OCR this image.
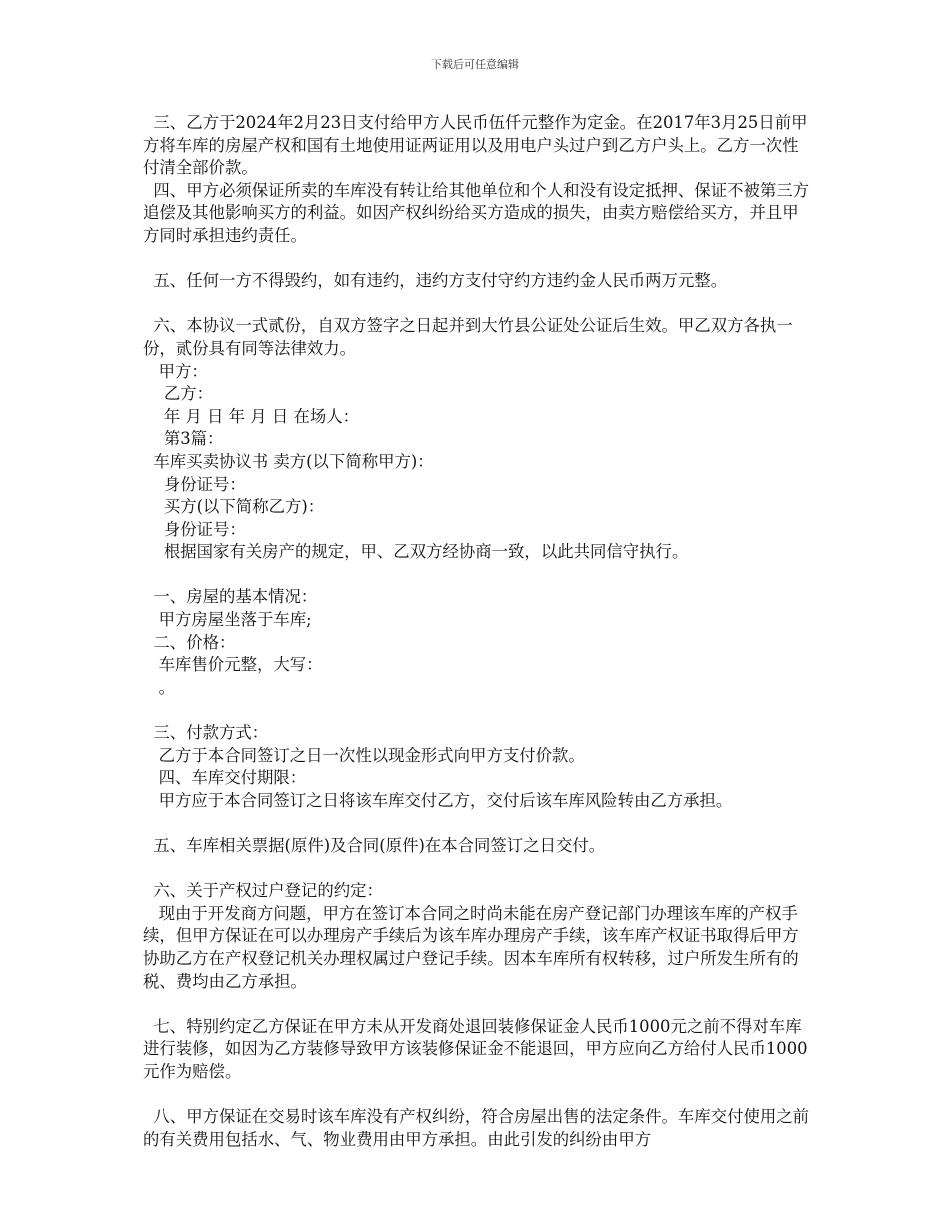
下载后可任意编辑

三、乙方于2024年2月23日支付给甲方人民币伍仟元整作为定金。在2017年3月25日前甲方将车库的房屋产权和国有土地使用证两证用以及用电户头过户到乙方户头上。乙方一次性付清全部价款。

四、甲方必须保证所卖的车库没有转让给其他单位和个人和没有设定抵押、保证不被第三方追偿及其他影响买方的利益。如因产权纠纷给买方造成的损失，由卖方赔偿给买方，并且甲方同时承担违约责任。

五、任何一方不得毁约，如有违约，违约方支付守约方违约金人民币两万元整。

六、本协议一式贰份，自双方签字之日起并到大竹县公证处公证后生效。甲乙双方各执一份，贰份具有同等法律效力。

甲方：

乙方：

年 月 日 年 月 日 在场人：

第3篇：

车库买卖协议书 卖方(以下简称甲方)：

身份证号：

买方(以下简称乙方)：

身份证号：

根据国家有关房产的规定，甲、乙双方经协商一致，以此共同信守执行。

一、房屋的基本情况：

甲方房屋坐落于车库;

二、价格：

车库售价元整，大写：

。

三、付款方式：

乙方于本合同签订之日一次性以现金形式向甲方支付价款。

四、车库交付期限：

甲方应于本合同签订之日将该车库交付乙方，交付后该车库风险转由乙方承担。

五、车库相关票据(原件)及合同(原件)在本合同签订之日交付。

六、关于产权过户登记的约定：

现由于开发商方问题，甲方在签订本合同之时尚未能在房产登记部门办理该车库的产权手续，但甲方保证在可以办理房产手续后为该车库办理房产手续，该车库产权证书取得后甲方协助乙方在产权登记机关办理权属过户登记手续。因本车库所有权转移，过户所发生所有的税、费均由乙方承担。

七、特别约定乙方保证在甲方未从开发商处退回装修保证金人民币1000元之前不得对车库进行装修，如因为乙方装修导致甲方该装修保证金不能退回，甲方应向乙方给付人民币1000元作为赔偿。

八、甲方保证在交易时该车库没有产权纠纷，符合房屋出售的法定条件。车库交付使用之前的有关费用包括水、气、物业费用由甲方承担。由此引发的纠纷由甲方
